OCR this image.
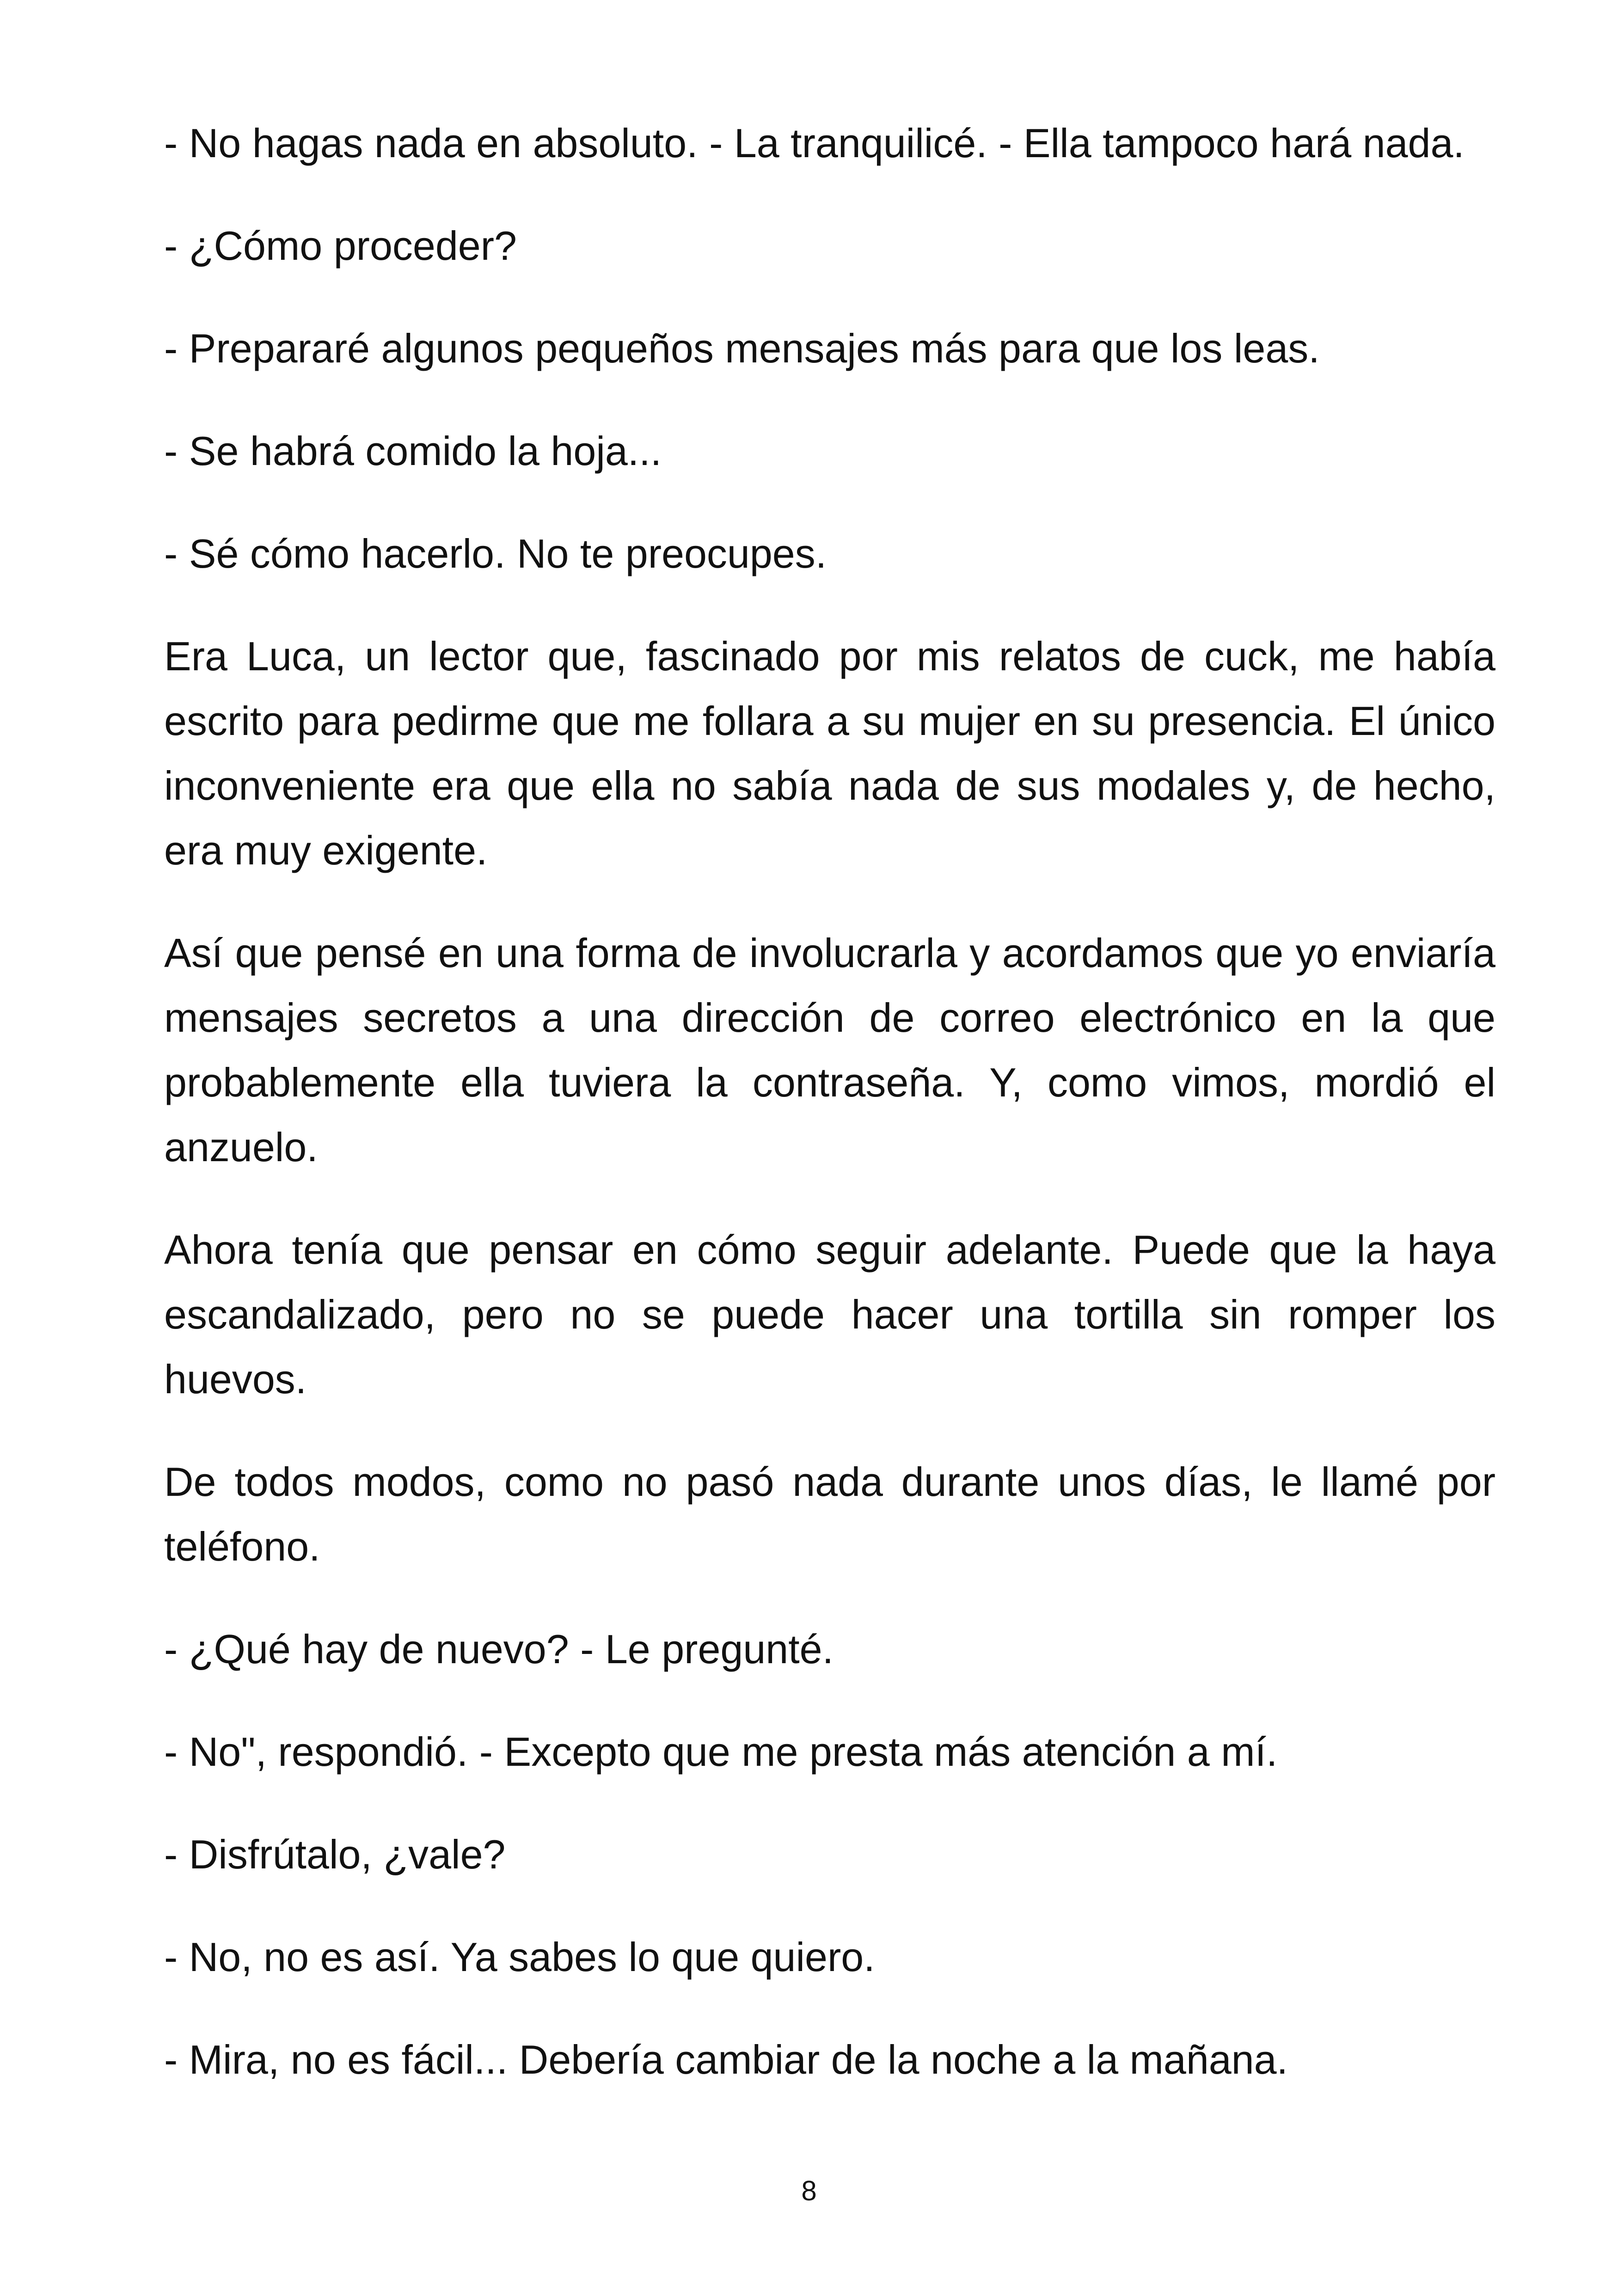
- No hagas nada en absoluto. - La tranquilicé. - Ella tampoco hará nada.

- ¿Cómo proceder?

- Prepararé algunos pequeños mensajes más para que los leas.

- Se habrá comido la hoja...

- Sé cómo hacerlo. No te preocupes.

Era Luca, un lector que, fascinado por mis relatos de cuck, me había escrito para pedirme que me follara a su mujer en su presencia. El único inconveniente era que ella no sabía nada de sus modales y, de hecho, era muy exigente.

Así que pensé en una forma de involucrarla y acordamos que yo enviaría mensajes secretos a una dirección de correo electrónico en la que probablemente ella tuviera la contraseña. Y, como vimos, mordió el anzuelo.

Ahora tenía que pensar en cómo seguir adelante. Puede que la haya escandalizado, pero no se puede hacer una tortilla sin romper los huevos.

De todos modos, como no pasó nada durante unos días, le llamé por teléfono.

- ¿Qué hay de nuevo? - Le pregunté.

- No", respondió. - Excepto que me presta más atención a mí.

- Disfrútalo, ¿vale?

- No, no es así. Ya sabes lo que quiero.

- Mira, no es fácil... Debería cambiar de la noche a la mañana.

8
